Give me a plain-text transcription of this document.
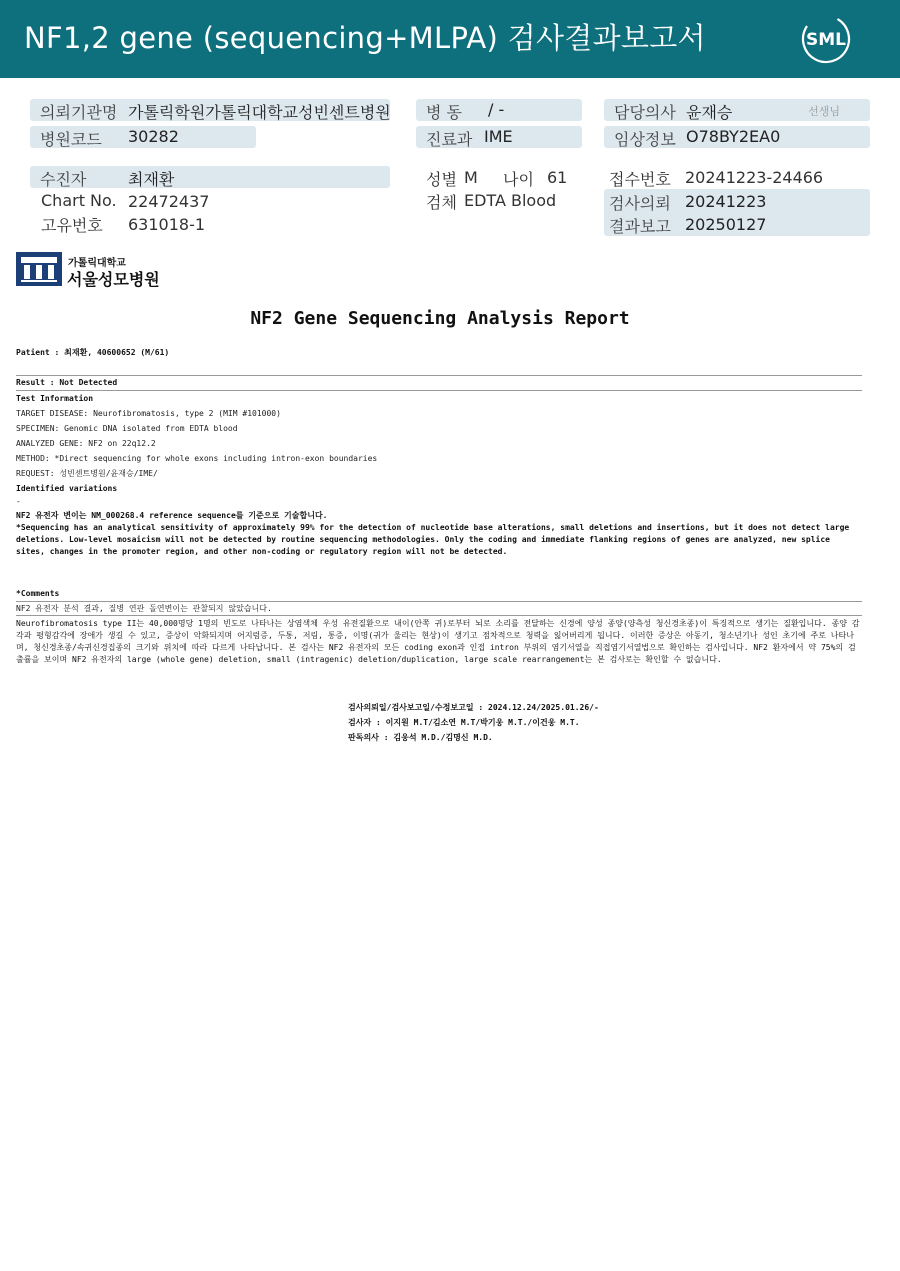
NF1,2 gene (sequencing+MLPA) 검사결과보고서	SML
의뢰기관명 가톨릭학원가톨릭대학교성빈센트병원 병 동 / -	담당의사 윤재승	선생님
병원코드 30282	진료과 IME	임상정보 O78BY2EA0
수진자	최재환
Chart No. 22472437
고유번호 631018-1
성별 M 나이 61
검체 EDTA Blood
접수번호 20241223-24466
검사의뢰 20241223
결과보고 20250127
가톨릭대학교
서울성모병원
NF2 Gene Sequencing Analysis Report
Patient : 최재환, 40600652 (M/61)
Result : Not Detected
Test Information
TARGET DISEASE: Neurofibromatosis, type 2 (MIM #101000)
SPECIMEN: Genomic DNA isolated from EDTA blood
ANALYZED GENE: NF2 on 22q12.2
METHOD: *Direct sequencing for whole exons including intron-exon boundaries
REQUEST: 성빈센트병원/윤재승/IME/
Identified variations
-
NF2 유전자 변이는 NM_000268.4 reference sequence를 기준으로 기술합니다.
*Sequencing has an analytical sensitivity of approximately 99% for the detection of nucleotide base alterations, small deletions and insertions, but it does not detect large deletions. Low-level mosaicism will not be detected by routine sequencing methodologies. Only the coding and immediate flanking regions of genes are analyzed, new splice sites, changes in the promoter region, and other non-coding or regulatory region will not be detected.
*Comments
NF2 유전자 분석 결과, 질병 연관 돌연변이는 관찰되지 않았습니다.
Neurofibromatosis type II는 40,000명당 1명의 빈도로 나타나는 상염색체 우성 유전질환으로 내이(안쪽 귀)로부터 뇌로 소리를 전달하는 신경에 양성 종양(양측성 청신경초종)이 특징적으로 생기는 질환입니다. 종양 감각과 평형감각에 장애가 생길 수 있고, 증상이 악화되지며 어지럼증, 두통, 저림, 통증, 이명(귀가 울리는 현상)이 생기고 점차적으로 청력을 잃어버리게 됩니다. 이러한 증상은 아동기, 청소년기나 성인 초기에 주로 나타나며, 청신경초종/속귀신경집종의 크기와 위치에 따라 다르게 나타납니다. 본 검사는 NF2 유전자의 모든 coding exon과 인접 intron 부위의 염기서열을 직접염기서열법으로 확인하는 검사입니다. NF2 환자에서 약 75%의 검출률을 보이며 NF2 유전자의 large (whole gene) deletion, small (intragenic) deletion/duplication, large scale rearrangement는 본 검사로는 확인할 수 없습니다.
검사의뢰일/검사보고일/수정보고일 : 2024.12.24/2025.01.26/-
검사자 : 이지원 M.T/김소연 M.T/박기웅 M.T./이건웅 M.T.
판독의사 : 김웅석 M.D./김명신 M.D.
